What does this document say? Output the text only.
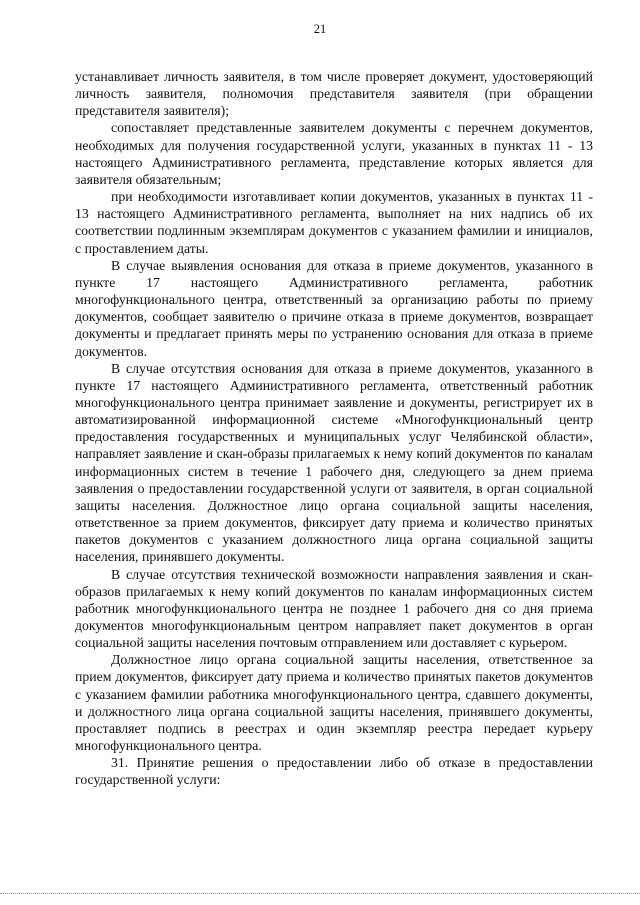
21

устанавливает личность заявителя, в том числе проверяет документ, удостоверяющий личность заявителя, полномочия представителя заявителя (при обращении представителя заявителя);

сопоставляет представленные заявителем документы с перечнем документов, необходимых для получения государственной услуги, указанных в пунктах 11 - 13 настоящего Административного регламента, представление которых является для заявителя обязательным;

при необходимости изготавливает копии документов, указанных в пунктах 11 - 13 настоящего Административного регламента, выполняет на них надпись об их соответствии подлинным экземплярам документов с указанием фамилии и инициалов, с проставлением даты.

В случае выявления основания для отказа в приеме документов, указанного в пункте 17 настоящего Административного регламента, работник многофункционального центра, ответственный за организацию работы по приему документов, сообщает заявителю о причине отказа в приеме документов, возвращает документы и предлагает принять меры по устранению основания для отказа в приеме документов.

В случае отсутствия основания для отказа в приеме документов, указанного в пункте 17 настоящего Административного регламента, ответственный работник многофункционального центра принимает заявление и документы, регистрирует их в автоматизированной информационной системе «Многофункциональный центр предоставления государственных и муниципальных услуг Челябинской области», направляет заявление и скан-образы прилагаемых к нему копий документов по каналам информационных систем в течение 1 рабочего дня, следующего за днем приема заявления о предоставлении государственной услуги от заявителя, в орган социальной защиты населения. Должностное лицо органа социальной защиты населения, ответственное за прием документов, фиксирует дату приема и количество принятых пакетов документов с указанием должностного лица органа социальной защиты населения, принявшего документы.

В случае отсутствия технической возможности направления заявления и скан-образов прилагаемых к нему копий документов по каналам информационных систем работник многофункционального центра не позднее 1 рабочего дня со дня приема документов многофункциональным центром направляет пакет документов в орган социальной защиты населения почтовым отправлением или доставляет с курьером.

Должностное лицо органа социальной защиты населения, ответственное за прием документов, фиксирует дату приема и количество принятых пакетов документов с указанием фамилии работника многофункционального центра, сдавшего документы, и должностного лица органа социальной защиты населения, принявшего документы, проставляет подпись в реестрах и один экземпляр реестра передает курьеру многофункционального центра.

31. Принятие решения о предоставлении либо об отказе в предоставлении государственной услуги:
